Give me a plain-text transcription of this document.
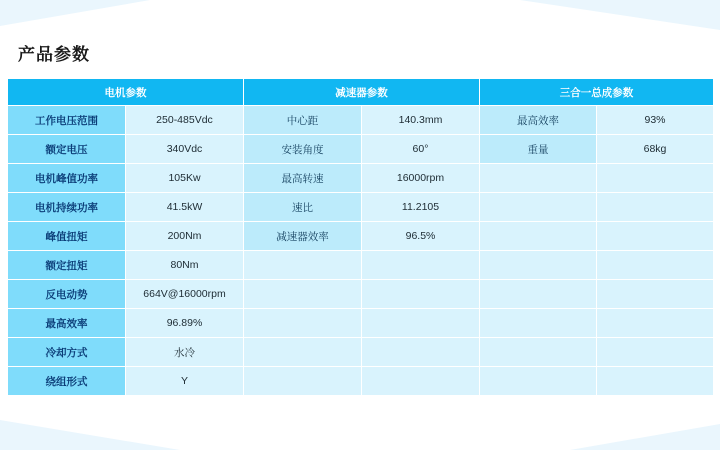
产品参数
电机参数		减速器参数		三合一总成参数	
工作电压范围	250-485Vdc	中心距	140.3mm	最高效率	93%
额定电压	340Vdc	安装角度	60°	重量	68kg
电机峰值功率	105Kw	最高转速	16000rpm		
电机持续功率	41.5kW	速比	11.2105		
峰值扭矩	200Nm	减速器效率	96.5%		
额定扭矩	80Nm				
反电动势	664V@16000rpm				
最高效率	96.89%				
冷却方式	水冷				
绕组形式	Y				
